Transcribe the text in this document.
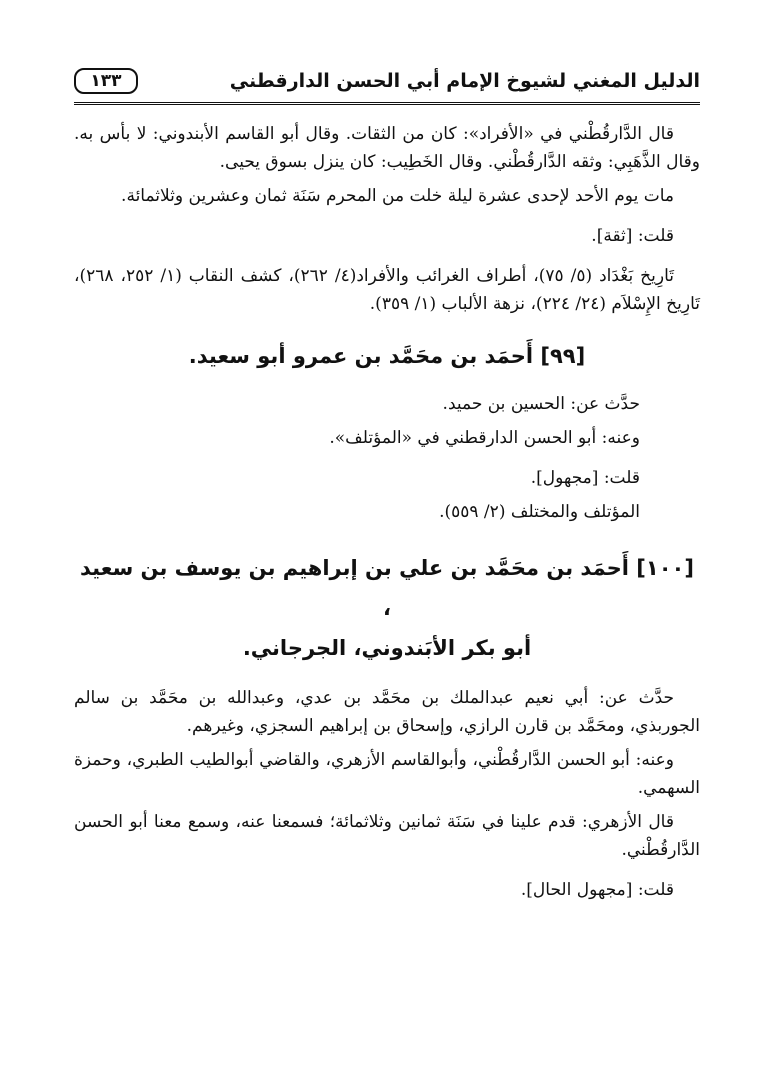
الدليل المغني لشيوخ الإمام أبي الحسن الدارقطني
١٣٣

قال الدَّارقُطْني في «الأفراد»: كان من الثقات. وقال أبو القاسم الأبندوني: لا بأس به. وقال الذَّهَبِي: وثقه الدَّارقُطْني. وقال الخَطِيب: كان ينزل بسوق يحيى.

مات يوم الأحد لإحدى عشرة ليلة خلت من المحرم سَنَة ثمان وعشرين وثلاثمائة.

قلت: [ثقة].

تَارِيخ بَغْدَاد (٥/ ٧٥)، أطراف الغرائب والأفراد(٤/ ٢٦٢)، كشف النقاب (١/ ٢٥٢، ٢٦٨)، تَارِيخ الإِسْلاَم (٢٤/ ٢٢٤)، نزهة الألباب (١/ ٣٥٩).

[٩٩] أَحمَد بن محَمَّد بن عمرو أبو سعيد.

حدَّث عن: الحسين بن حميد.

وعنه: أبو الحسن الدارقطني في «المؤتلف».

قلت: [مجهول].

المؤتلف والمختلف (٢/ ٥٥٩).

[١٠٠] أَحمَد بن محَمَّد بن علي بن إبراهيم بن يوسف بن سعيد ،
أبو بكر الأبَندوني، الجرجاني.

حدَّث عن: أبي نعيم عبدالملك بن محَمَّد بن عدي، وعبدالله بن محَمَّد بن سالم الجوربذي، ومحَمَّد بن قارن الرازي، وإسحاق بن إبراهيم السجزي، وغيرهم.

وعنه: أبو الحسن الدَّارقُطْني، وأبوالقاسم الأزهري، والقاضي أبوالطيب الطبري، وحمزة السهمي.

قال الأزهري: قدم علينا في سَنَة ثمانين وثلاثمائة؛ فسمعنا عنه، وسمع معنا أبو الحسن الدَّارقُطْني.

قلت: [مجهول الحال].
